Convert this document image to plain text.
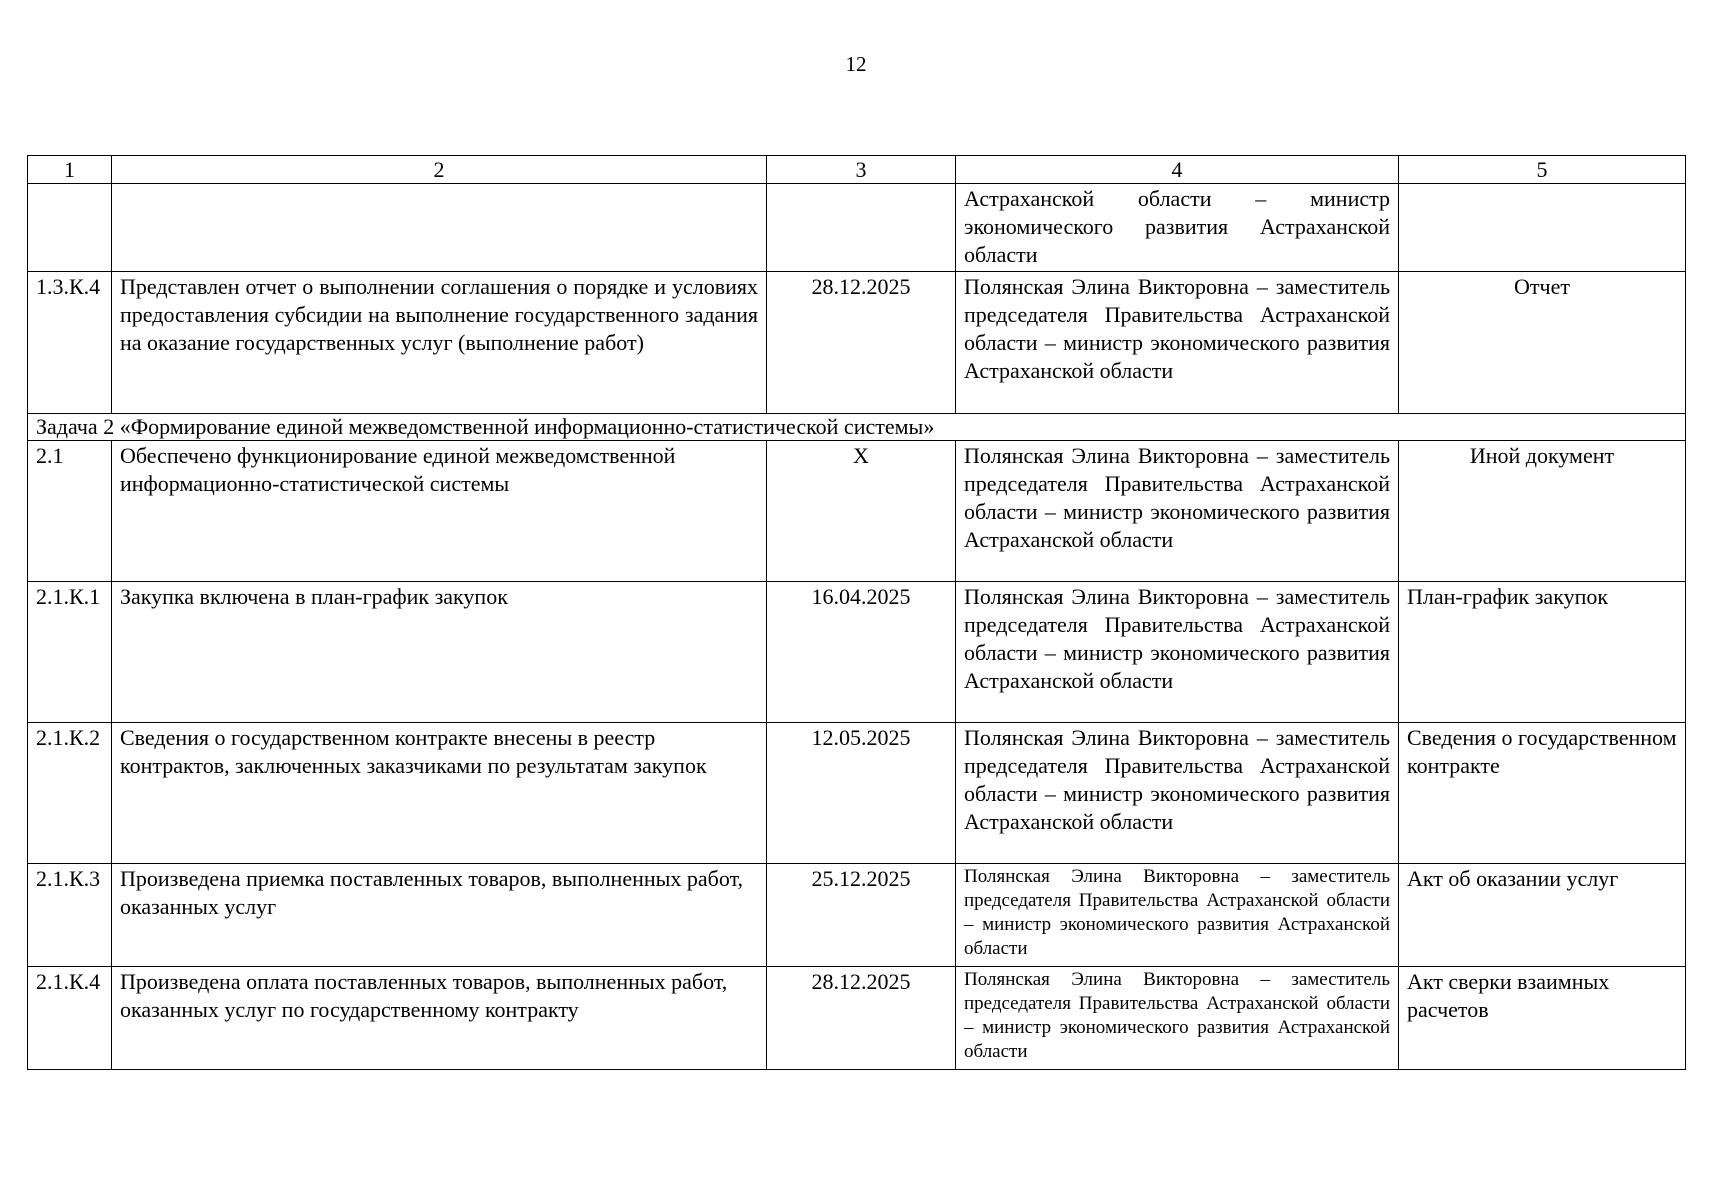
12
1	2	3	4	5
			Астраханской области – министр экономического развития Астраханской области	
1.3.К.4	Представлен отчет о выполнении соглашения о порядке и условиях предоставления субсидии на выполнение государственного задания на оказание государственных услуг (выполнение работ)	28.12.2025	Полянская Элина Викторовна – заместитель председателя Правительства Астраханской области – министр экономического развития Астраханской области	Отчет
Задача 2 «Формирование единой межведомственной информационно-статистической системы»				
2.1	Обеспечено функционирование единой межведомственной информационно-статистической системы	X	Полянская Элина Викторовна – заместитель председателя Правительства Астраханской области – министр экономического развития Астраханской области	Иной документ
2.1.К.1	Закупка включена в план-график закупок	16.04.2025	Полянская Элина Викторовна – заместитель председателя Правительства Астраханской области – министр экономического развития Астраханской области	План-график закупок
2.1.К.2	Сведения о государственном контракте внесены в реестр контрактов, заключенных заказчиками по результатам закупок	12.05.2025	Полянская Элина Викторовна – заместитель председателя Правительства Астраханской области – министр экономического развития Астраханской области	Сведения о государственном контракте
2.1.К.3	Произведена приемка поставленных товаров, выполненных работ, оказанных услуг	25.12.2025	Полянская Элина Викторовна – заместитель председателя Правительства Астраханской области – министр экономического развития Астраханской области	Акт об оказании услуг
2.1.К.4	Произведена оплата поставленных товаров, выполненных работ, оказанных услуг по государственному контракту	28.12.2025	Полянская Элина Викторовна – заместитель председателя Правительства Астраханской области – министр экономического развития Астраханской области	Акт сверки взаимных расчетов
